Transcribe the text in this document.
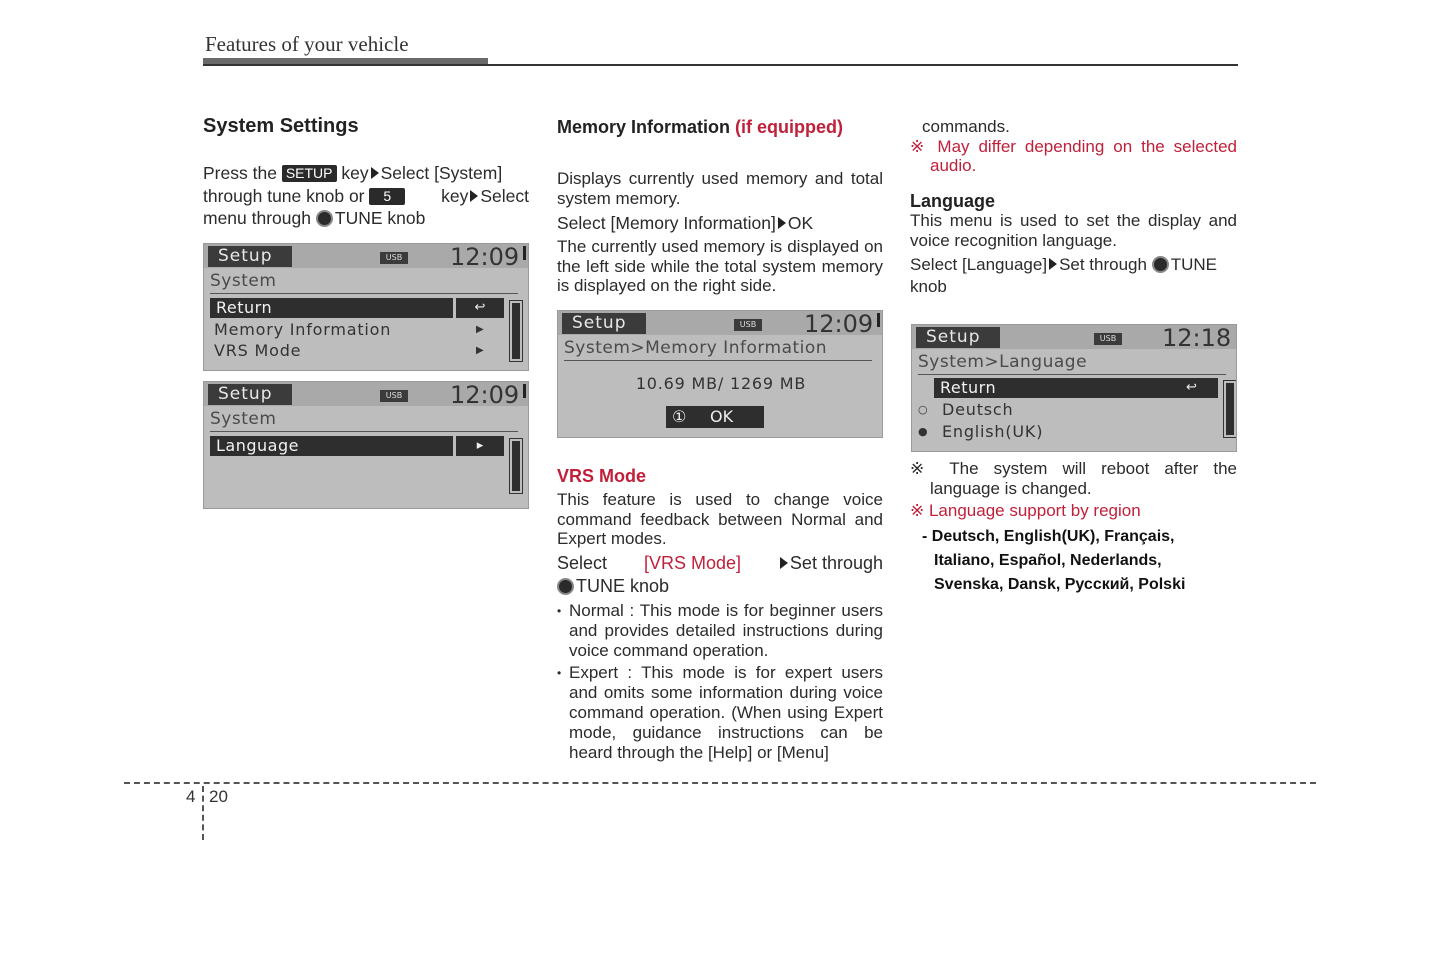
Features of your vehicle
System Settings
Press the SETUP key Select [System]
through tune knob or 5	key Select
menu through TUNE knob
Setup	USB 12:09
System
Return	↩
Memory Information	▶
VRS Mode	▶
Setup	USB 12:09
System
Language	▸
Memory Information (if equipped)

Displays currently used memory and total system memory.

Select [Memory Information] OK

The currently used memory is displayed on the left side while the total system memory is displayed on the right side.

Setup	USB 12:09
System>Memory Information
10.69 MB/ 1269 MB
① OK
VRS Mode

This feature is used to change voice command feedback between Normal and Expert modes.

Select [VRS Mode]	Set through
TUNE knob
• Normal : This mode is for beginner users and provides detailed instructions during voice command operation.
• Expert : This mode is for expert users and omits some information during voice command operation. (When using Expert mode, guidance instructions can be heard through the [Help] or [Menu]
commands.
※ May differ depending on the selected audio.
Language

This menu is used to set the display and voice recognition language.

Select [Language] Set through TUNE knob

Setup	USB 12:18
System>Language
Return	↩
○ Deutsch
● English(UK)
※ The system will reboot after the language is changed.
※ Language support by region
- Deutsch, English(UK), Français, Italiano, Español, Nederlands, Svenska, Dansk, Русский, Polski
4 20
